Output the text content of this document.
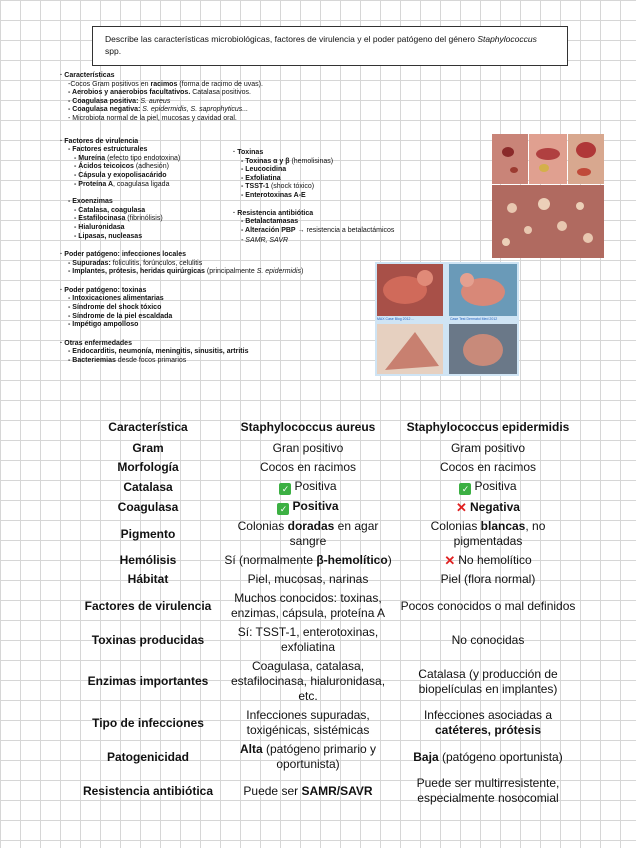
Describe las características microbiológicas, factores de virulencia y el poder patógeno del género Staphylococcus spp.
· Características
-Cocos Gram positivos en racimos (forma de racimo de uvas).
- Aerobios y anaerobios facultativos. Catalasa positivos.
- Coagulasa positiva: S. aureus
- Coagulasa negativa: S. epidermidis, S. saprophyticus...
- Microbiota normal de la piel, mucosas y cavidad oral.
· Factores de virulencia
- Factores estructurales
- Mureína (efecto tipo endotoxina)
- Ácidos teicoicos (adhesión)
- Cápsula y exopolisacárido
- Proteína A, coagulasa ligada
- Exoenzimas
- Catalasa, coagulasa
- Estafilocinasa (fibrinólisis)
- Hialuronidasa
- Lipasas, nucleasas
· Poder patógeno: infecciones locales
- Supuradas: foliculitis, forúnculos, celulitis
- Implantes, prótesis, heridas quirúrgicas (principalmente S. epidermidis)
· Poder patógeno: toxinas
- Intoxicaciones alimentarias
- Síndrome del shock tóxico
- Síndrome de la piel escaldada
- Impétigo ampolloso
· Otras enfermedades
- Endocarditis, neumonía, meningitis, sinusitis, artritis
- Bacteriemias desde focos primarios
· Toxinas
- Toxinas α y β (hemolisinas)
- Leucocidina
- Exfoliatina
- TSST-1 (shock tóxico)
- Enterotoxinas A-E
· Resistencia antibiótica
- Betalactamasas
- Alteración PBP → resistencia a betalactámicos
- SAMR, SAVR
MAX Case Blog 2012 ...	Case Test Dermatol Med 2012
Característica	Staphylococcus aureus	Staphylococcus epidermidis
Gram	Gran positivo	Gram positivo
Morfología	Cocos en racimos	Cocos en racimos
Catalasa	✓ Positiva	✓ Positiva
Coagulasa	✓ Positiva	✕ Negativa
Pigmento	Colonias doradas en agar sangre	Colonias blancas, no pigmentadas
Hemólisis	Sí (normalmente β-hemolítico)	✕ No hemolítico
Hábitat	Piel, mucosas, narinas	Piel (flora normal)
Factores de virulencia	Muchos conocidos: toxinas, enzimas, cápsula, proteína A	Pocos conocidos o mal definidos
Toxinas producidas	Sí: TSST-1, enterotoxinas, exfoliatina	No conocidas
Enzimas importantes	Coagulasa, catalasa, estafilocinasa, hialuronidasa, etc.	Catalasa (y producción de biopelículas en implantes)
Tipo de infecciones	Infecciones supuradas, toxigénicas, sistémicas	Infecciones asociadas a catéteres, prótesis
Patogenicidad	Alta (patógeno primario y oportunista)	Baja (patógeno oportunista)
Resistencia antibiótica	Puede ser SAMR/SAVR	Puede ser multirresistente, especialmente nosocomial
